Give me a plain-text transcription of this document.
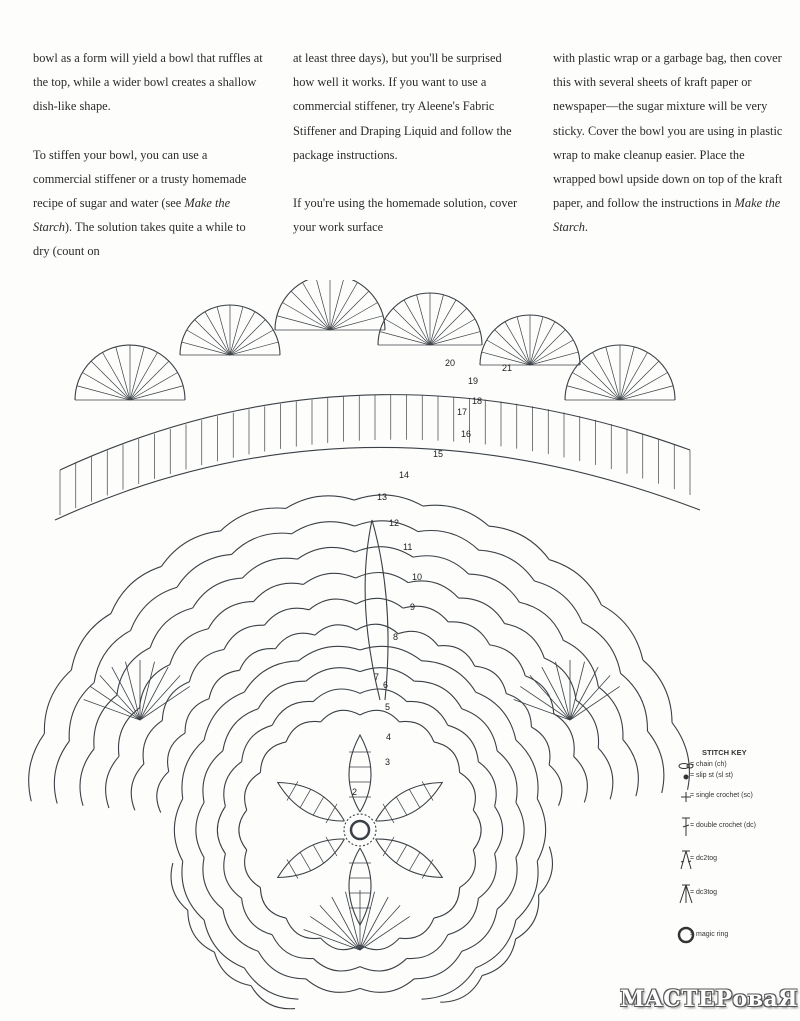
bowl as a form will yield a bowl that ruffles at the top, while a wider bowl creates a shallow dish-like shape.

To stiffen your bowl, you can use a commercial stiffener or a trusty homemade recipe of sugar and water (see Make the Starch). The solution takes quite a while to dry (count on

at least three days), but you'll be surprised how well it works. If you want to use a commercial stiffener, try Aleene's Fabric Stiffener and Draping Liquid and follow the package instructions.

If you're using the homemade solution, cover your work surface

with plastic wrap or a garbage bag, then cover this with several sheets of kraft paper or newspaper—the sugar mixture will be very sticky. Cover the bowl you are using in plastic wrap to make cleanup easier. Place the wrapped bowl upside down on top of the kraft paper, and follow the instructions in Make the Starch.

2
3
4
5
6
7
8
9
10
11
12
13
14
15
16
17
18
19
20	21
STITCH KEY
= chain (ch)
= slip st (sl st)
= single crochet (sc)
= double crochet (dc)
= dc2tog
= dc3tog
= magic ring
МАСТЕРоваЯ
